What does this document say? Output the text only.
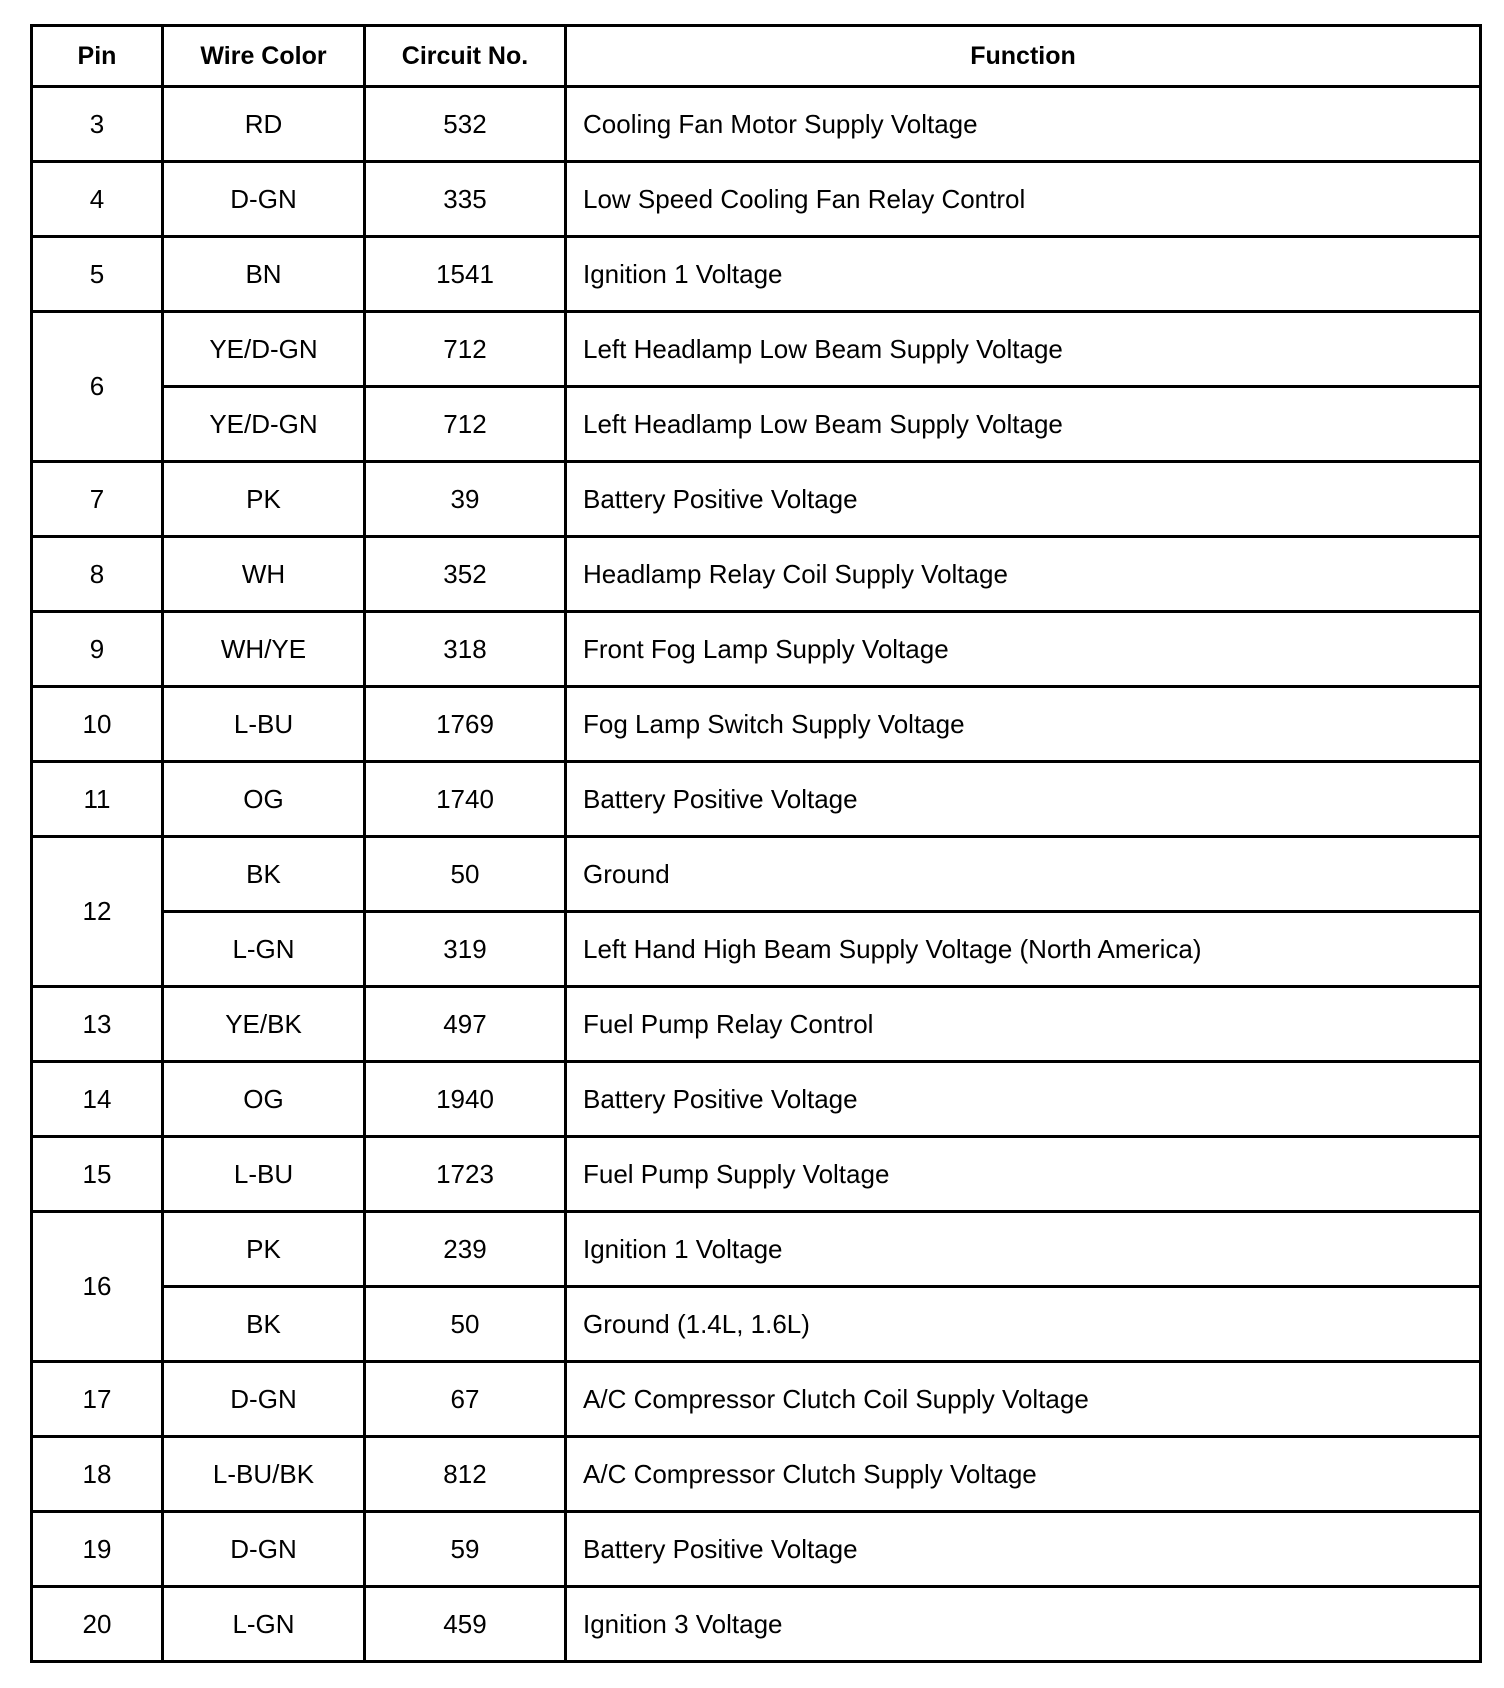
Pin	Wire Color	Circuit No.	Function
3	RD	532	Cooling Fan Motor Supply Voltage
4	D-GN	335	Low Speed Cooling Fan Relay Control
5	BN	1541	Ignition 1 Voltage
6	YE/D-GN	712	Left Headlamp Low Beam Supply Voltage
	YE/D-GN	712	Left Headlamp Low Beam Supply Voltage
7	PK	39	Battery Positive Voltage
8	WH	352	Headlamp Relay Coil Supply Voltage
9	WH/YE	318	Front Fog Lamp Supply Voltage
10	L-BU	1769	Fog Lamp Switch Supply Voltage
11	OG	1740	Battery Positive Voltage
12	BK	50	Ground
	L-GN	319	Left Hand High Beam Supply Voltage (North America)
13	YE/BK	497	Fuel Pump Relay Control
14	OG	1940	Battery Positive Voltage
15	L-BU	1723	Fuel Pump Supply Voltage
16	PK	239	Ignition 1 Voltage
	BK	50	Ground (1.4L, 1.6L)
17	D-GN	67	A/C Compressor Clutch Coil Supply Voltage
18	L-BU/BK	812	A/C Compressor Clutch Supply Voltage
19	D-GN	59	Battery Positive Voltage
20	L-GN	459	Ignition 3 Voltage
